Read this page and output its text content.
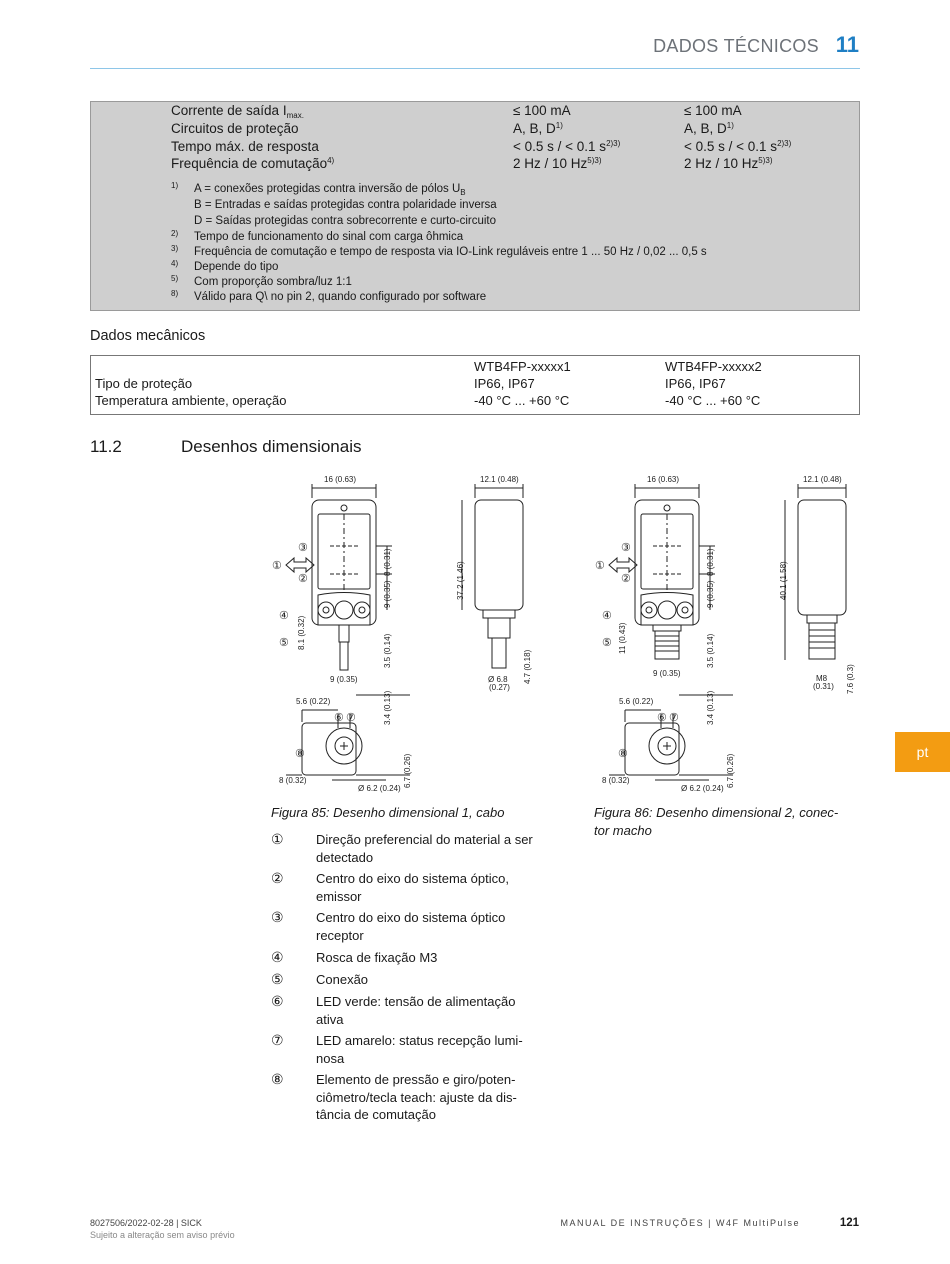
DADOS TÉCNICOS 11
Corrente de saída $I_{max.}$	≤ 100 mA	≤ 100 mA
Circuitos de proteção	A, B, $D^{1)}$	A, B, $D^{1)}$
Tempo máx. de resposta	< 0.5 s / < 0.1 $s^{2)3)}$	< 0.5 s / < 0.1 $s^{2)3)}$
Frequência de comutação$^{4)}$	2 Hz / 10 $Hz^{5)3)}$	2 Hz / 10 $Hz^{5)3)}$
1) A = conexões protegidas contra inversão de pólos $U_B$
B = Entradas e saídas protegidas contra polaridade inversa
D = Saídas protegidas contra sobrecorrente e curto-circuito
2) Tempo de funcionamento do sinal com carga ôhmica
3) Frequência de comutação e tempo de resposta via IO-Link reguláveis entre 1 ... 50 Hz / 0,02 ... 0,5 s
4) Depende do tipo
5) Com proporção sombra/luz 1:1
8) Válido para Q\ no pin 2, quando configurado por software
Dados mecânicos
WTB4FP-xxxxx1	WTB4FP-xxxxx2
Tipo de proteção	IP66, IP67	IP66, IP67
Temperatura ambiente, operação	-40 °C ... +60 °C	-40 °C ... +60 °C
11.2	Desenhos dimensionais
16 (0.63)	12.1 (0.48)
37.2 (1.46)
8 (0.31)
9 (0.35)
8.1 (0.32)
3.5 (0.14)
9 (0.35)	Ø 6.8
(0.27)
4.7 (0.18)
5.6 (0.22)	3.4 (0.13)
8 (0.32)	6.7 (0.26)
Ø 6.2 (0.24)
③
①
②
④
⑤
⑥ ⑦
⑧
Figura 85: Desenho dimensional 1, cabo
16 (0.63)	12.1 (0.48)
40.1 (1.58)
8 (0.31)
9 (0.35)
11 (0.43)	3.5 (0.14)
9 (0.35)
M8
(0.31) 7.6 (0.3)
5.6 (0.22)	3.4 (0.13)
8 (0.32)	6.7 (0.26)
Ø 6.2 (0.24)
③
①
②
④
⑤
⑥ ⑦
⑧
Figura 86: Desenho dimensional 2, conec-
tor macho
① Direção preferencial do material a ser detectado
② Centro do eixo do sistema óptico, emissor
③ Centro do eixo do sistema óptico receptor
④ Rosca de fixação M3
⑤ Conexão
⑥ LED verde: tensão de alimentação ativa
⑦ LED amarelo: status recepção lumi-nosa
⑧ Elemento de pressão e giro/poten-ciômetro/tecla teach: ajuste da dis-tância de comutação
pt
8027506/2022-02-28 | SICK
Sujeito a alteração sem aviso prévio
MANUAL DE INSTRUÇÕES | W4F MultiPulse	121
